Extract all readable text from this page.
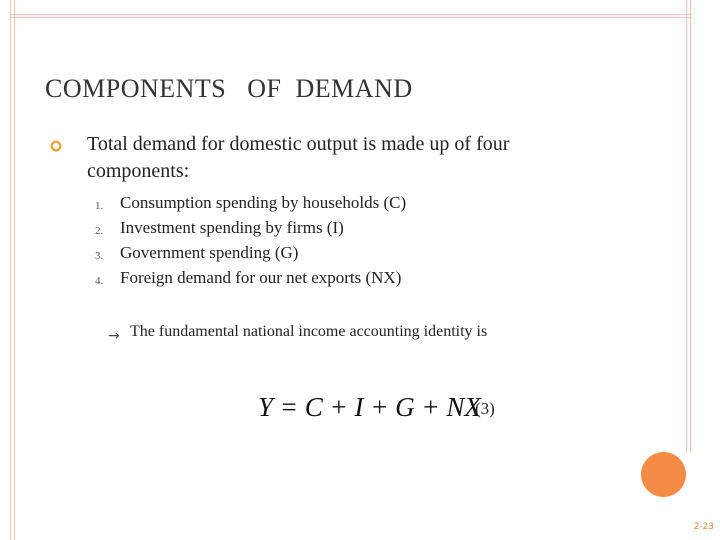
COMPONENTS   OF  DEMAND
Total demand for domestic output is made up of four components:
1. Consumption spending by households (C)
2. Investment spending by firms (I)
3. Government spending (G)
4. Foreign demand for our net exports (NX)
→ The fundamental national income accounting identity is
Y = C + I + G + NX
(3)
2-23
